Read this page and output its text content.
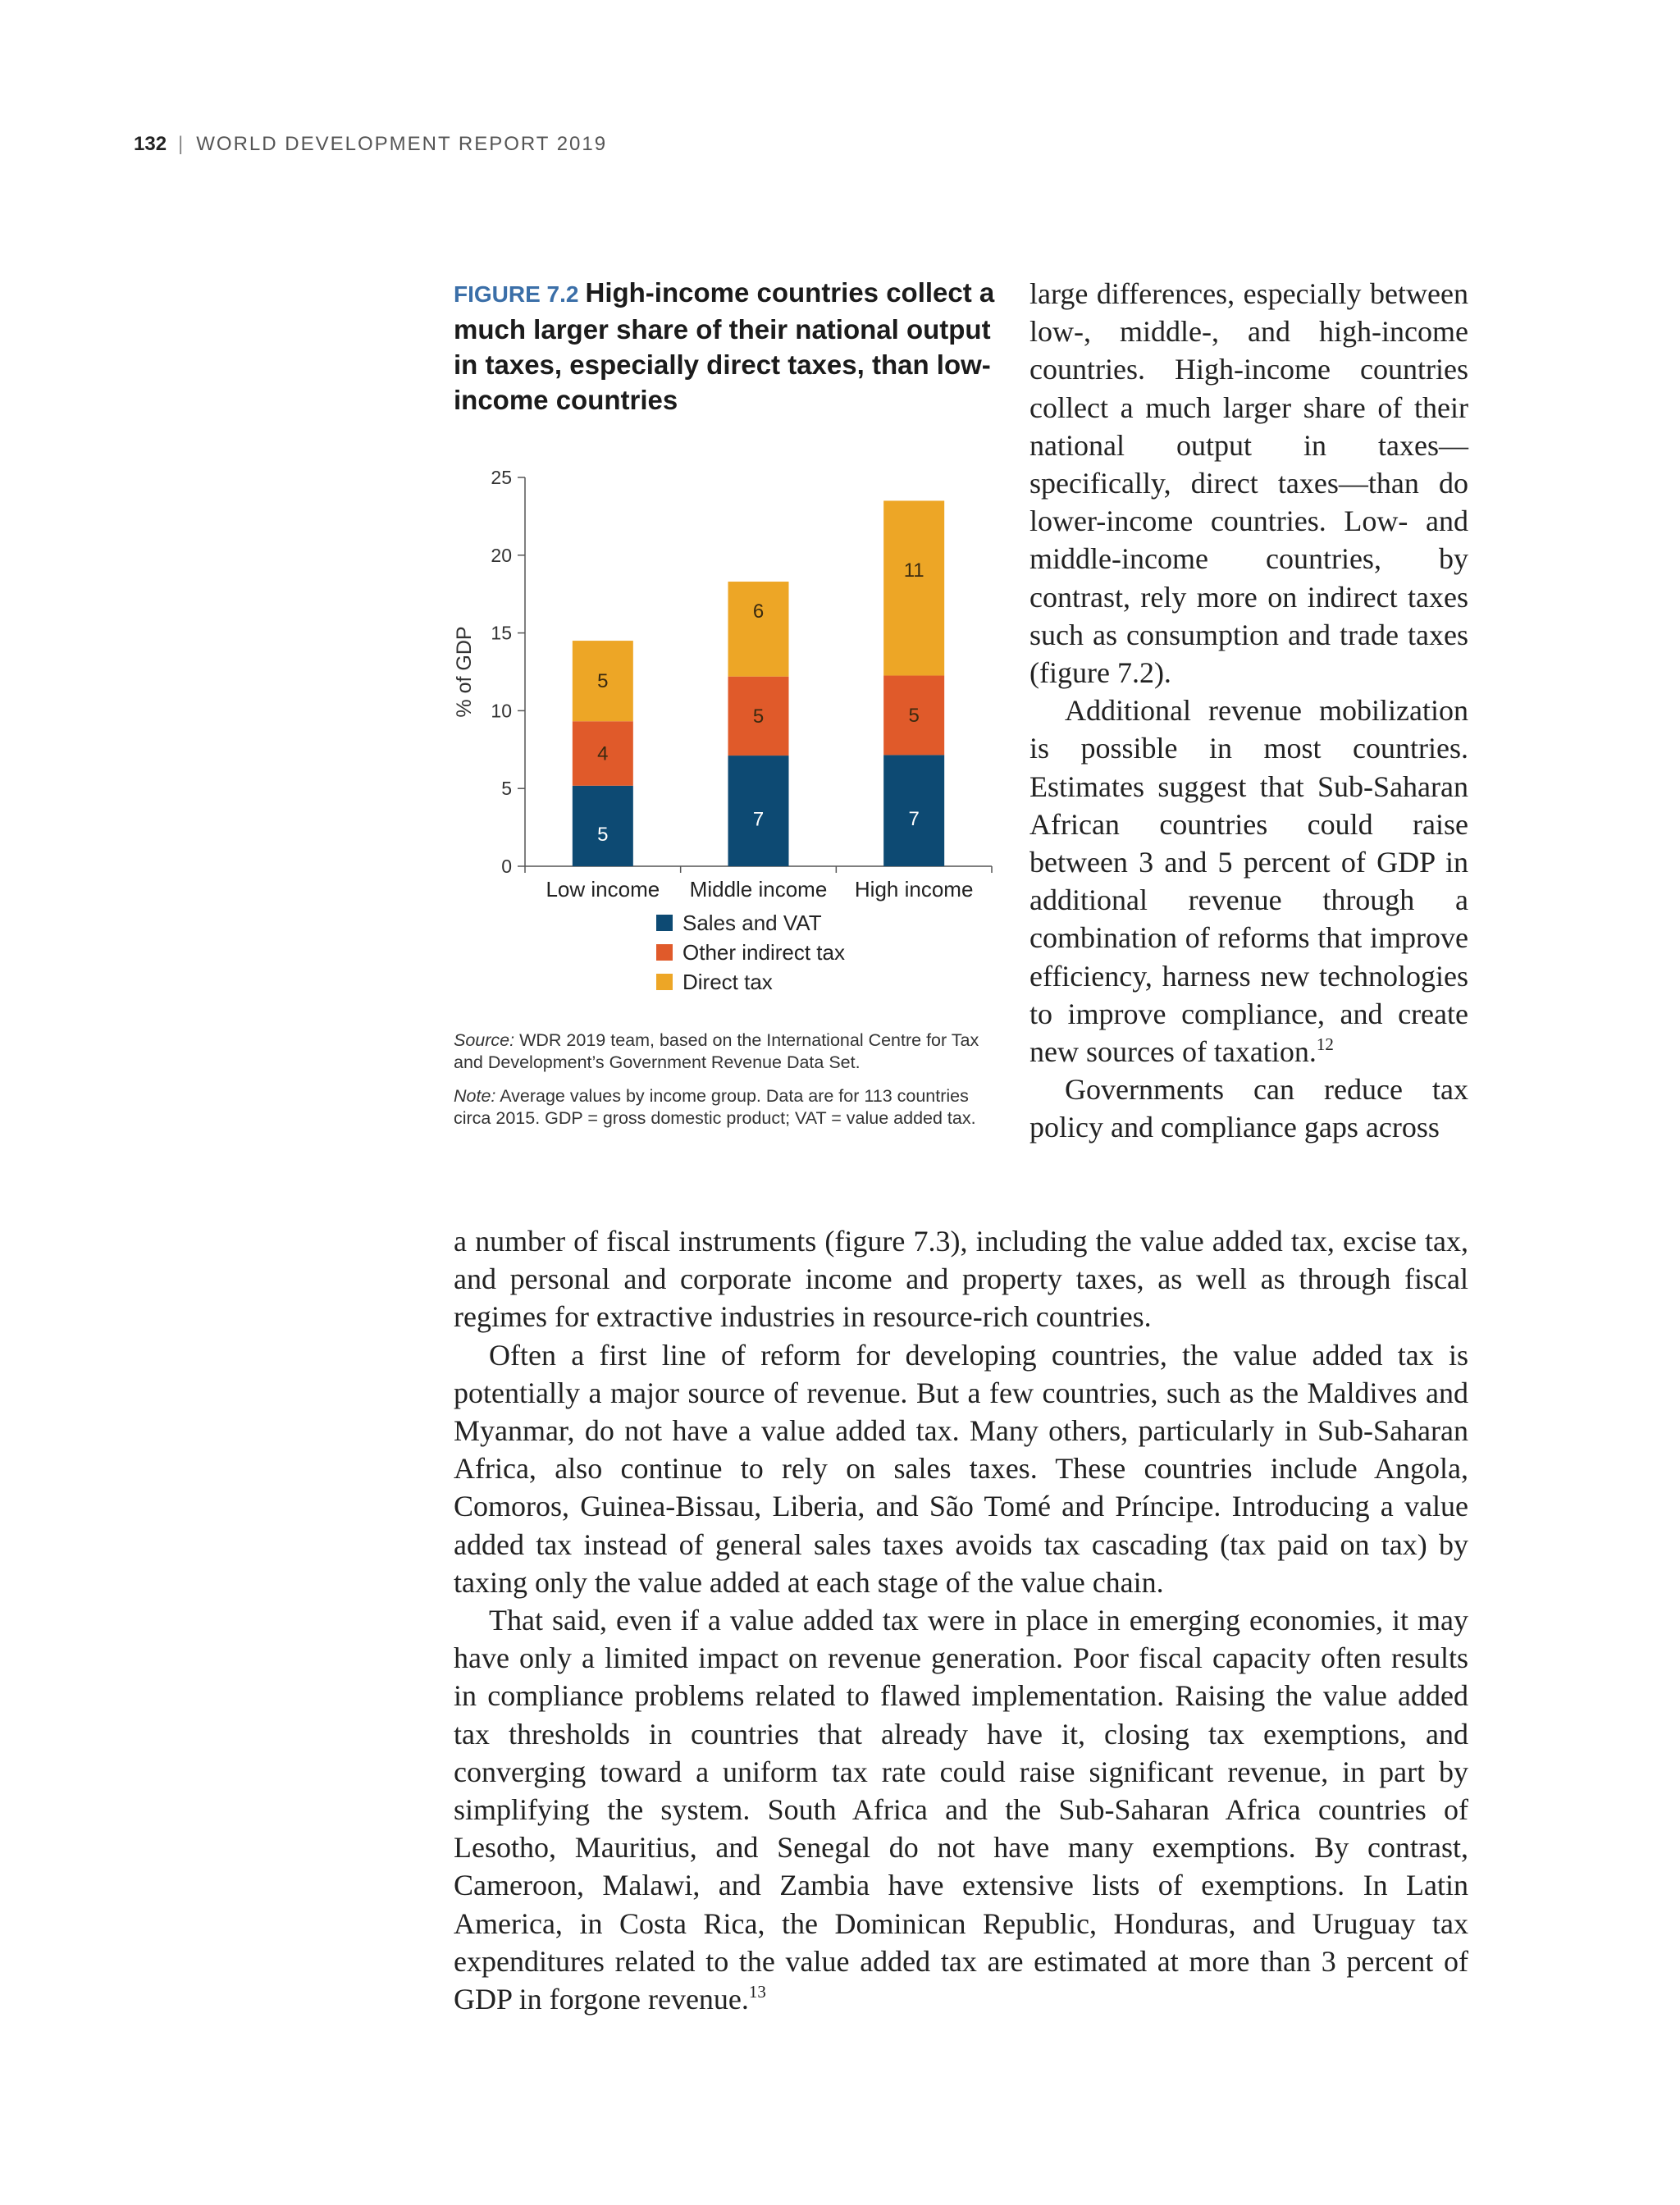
132 | WORLD DEVELOPMENT REPORT 2019

FIGURE 7.2 High-income countries collect a much larger share of their national output in taxes, especially direct taxes, than low-income countries

0
5
10
15
20
25
% of GDP
5
4
5
Low income
7
5
6
Middle income
7
5
11
High income
Sales and VAT
Other indirect tax
Direct tax

Source: WDR 2019 team, based on the International Centre for Tax and Development’s Government Revenue Data Set.

Note: Average values by income group. Data are for 113 countries circa 2015. GDP = gross domestic product; VAT = value added tax.

large differences, especially between low-, middle-, and high-income countries. High-income countries collect a much larger share of their national output in taxes—specifically, direct taxes—than do lower-income countries. Low- and middle-income countries, by contrast, rely more on indirect taxes such as consumption and trade taxes (figure 7.2).

Additional revenue mobilization is possible in most countries. Estimates suggest that Sub-Saharan African countries could raise between 3 and 5 percent of GDP in additional revenue through a combination of reforms that improve efficiency, harness new technologies to improve compliance, and create new sources of taxation.$^{12}$

Governments can reduce tax policy and compliance gaps across

a number of fiscal instruments (figure 7.3), including the value added tax, excise tax, and personal and corporate income and property taxes, as well as through fiscal regimes for extractive industries in resource-rich countries.

Often a first line of reform for developing countries, the value added tax is potentially a major source of revenue. But a few countries, such as the Maldives and Myanmar, do not have a value added tax. Many others, particularly in Sub-Saharan Africa, also continue to rely on sales taxes. These countries include Angola, Comoros, Guinea-Bissau, Liberia, and São Tomé and Príncipe. Introducing a value added tax instead of general sales taxes avoids tax cascading (tax paid on tax) by taxing only the value added at each stage of the value chain.

That said, even if a value added tax were in place in emerging economies, it may have only a limited impact on revenue generation. Poor fiscal capacity often results in compliance problems related to flawed implementation. Raising the value added tax thresholds in countries that already have it, closing tax exemptions, and converging toward a uniform tax rate could raise significant revenue, in part by simplifying the system. South Africa and the Sub-Saharan Africa countries of Lesotho, Mauritius, and Senegal do not have many exemptions. By contrast, Cameroon, Malawi, and Zambia have extensive lists of exemptions. In Latin America, in Costa Rica, the Dominican Republic, Honduras, and Uruguay tax expenditures related to the value added tax are estimated at more than 3 percent of GDP in forgone revenue.$^{13}$
